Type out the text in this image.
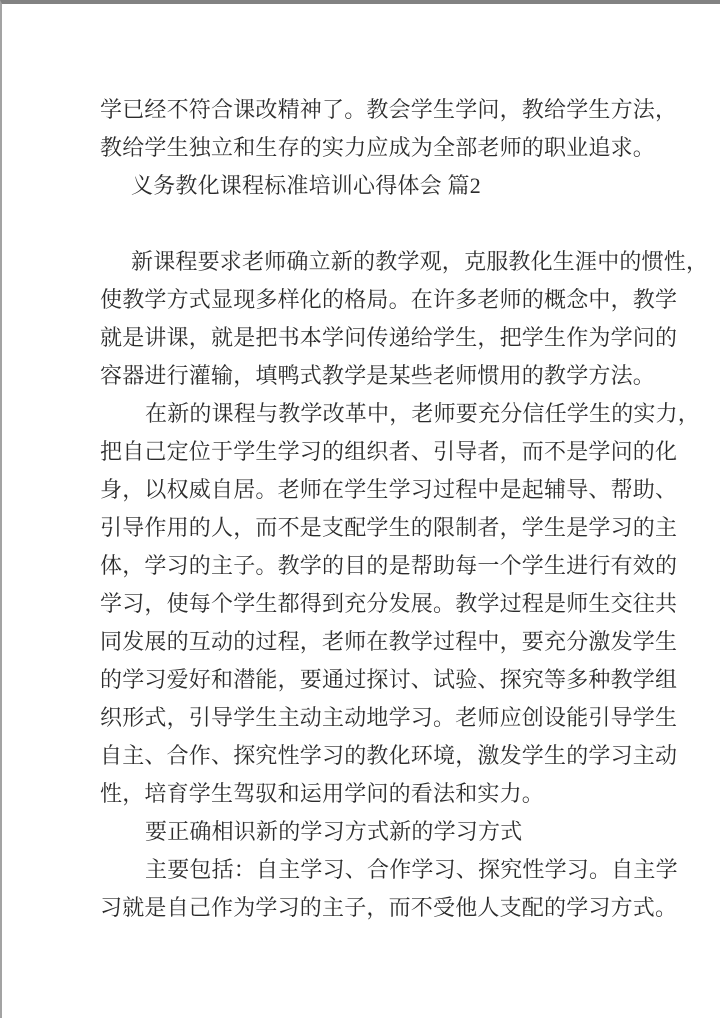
学已经不符合课改精神了。教会学生学问，教给学生方法，
教给学生独立和生存的实力应成为全部老师的职业追求。
义务教化课程标准培训心得体会 篇2
新课程要求老师确立新的教学观，克服教化生涯中的惯性，
使教学方式显现多样化的格局。在许多老师的概念中，教学
就是讲课，就是把书本学问传递给学生，把学生作为学问的
容器进行灌输，填鸭式教学是某些老师惯用的教学方法。
在新的课程与教学改革中，老师要充分信任学生的实力，
把自己定位于学生学习的组织者、引导者，而不是学问的化
身，以权威自居。老师在学生学习过程中是起辅导、帮助、
引导作用的人，而不是支配学生的限制者，学生是学习的主
体，学习的主子。教学的目的是帮助每一个学生进行有效的
学习，使每个学生都得到充分发展。教学过程是师生交往共
同发展的互动的过程，老师在教学过程中，要充分激发学生
的学习爱好和潜能，要通过探讨、试验、探究等多种教学组
织形式，引导学生主动主动地学习。老师应创设能引导学生
自主、合作、探究性学习的教化环境，激发学生的学习主动
性，培育学生驾驭和运用学问的看法和实力。
要正确相识新的学习方式新的学习方式
主要包括：自主学习、合作学习、探究性学习。自主学
习就是自己作为学习的主子，而不受他人支配的学习方式。
